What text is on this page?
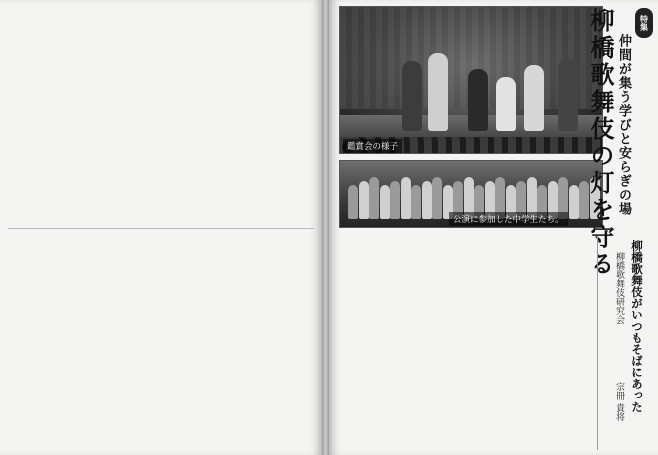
鑑賞会の様子
公演に参加した中学生たち。
特集
仲間が集う学びと安らぎの場
柳橋歌舞伎の灯を守る
柳橋歌舞伎がいつもそばにあった
柳橋歌舞伎研究会
宗冊 貴将
